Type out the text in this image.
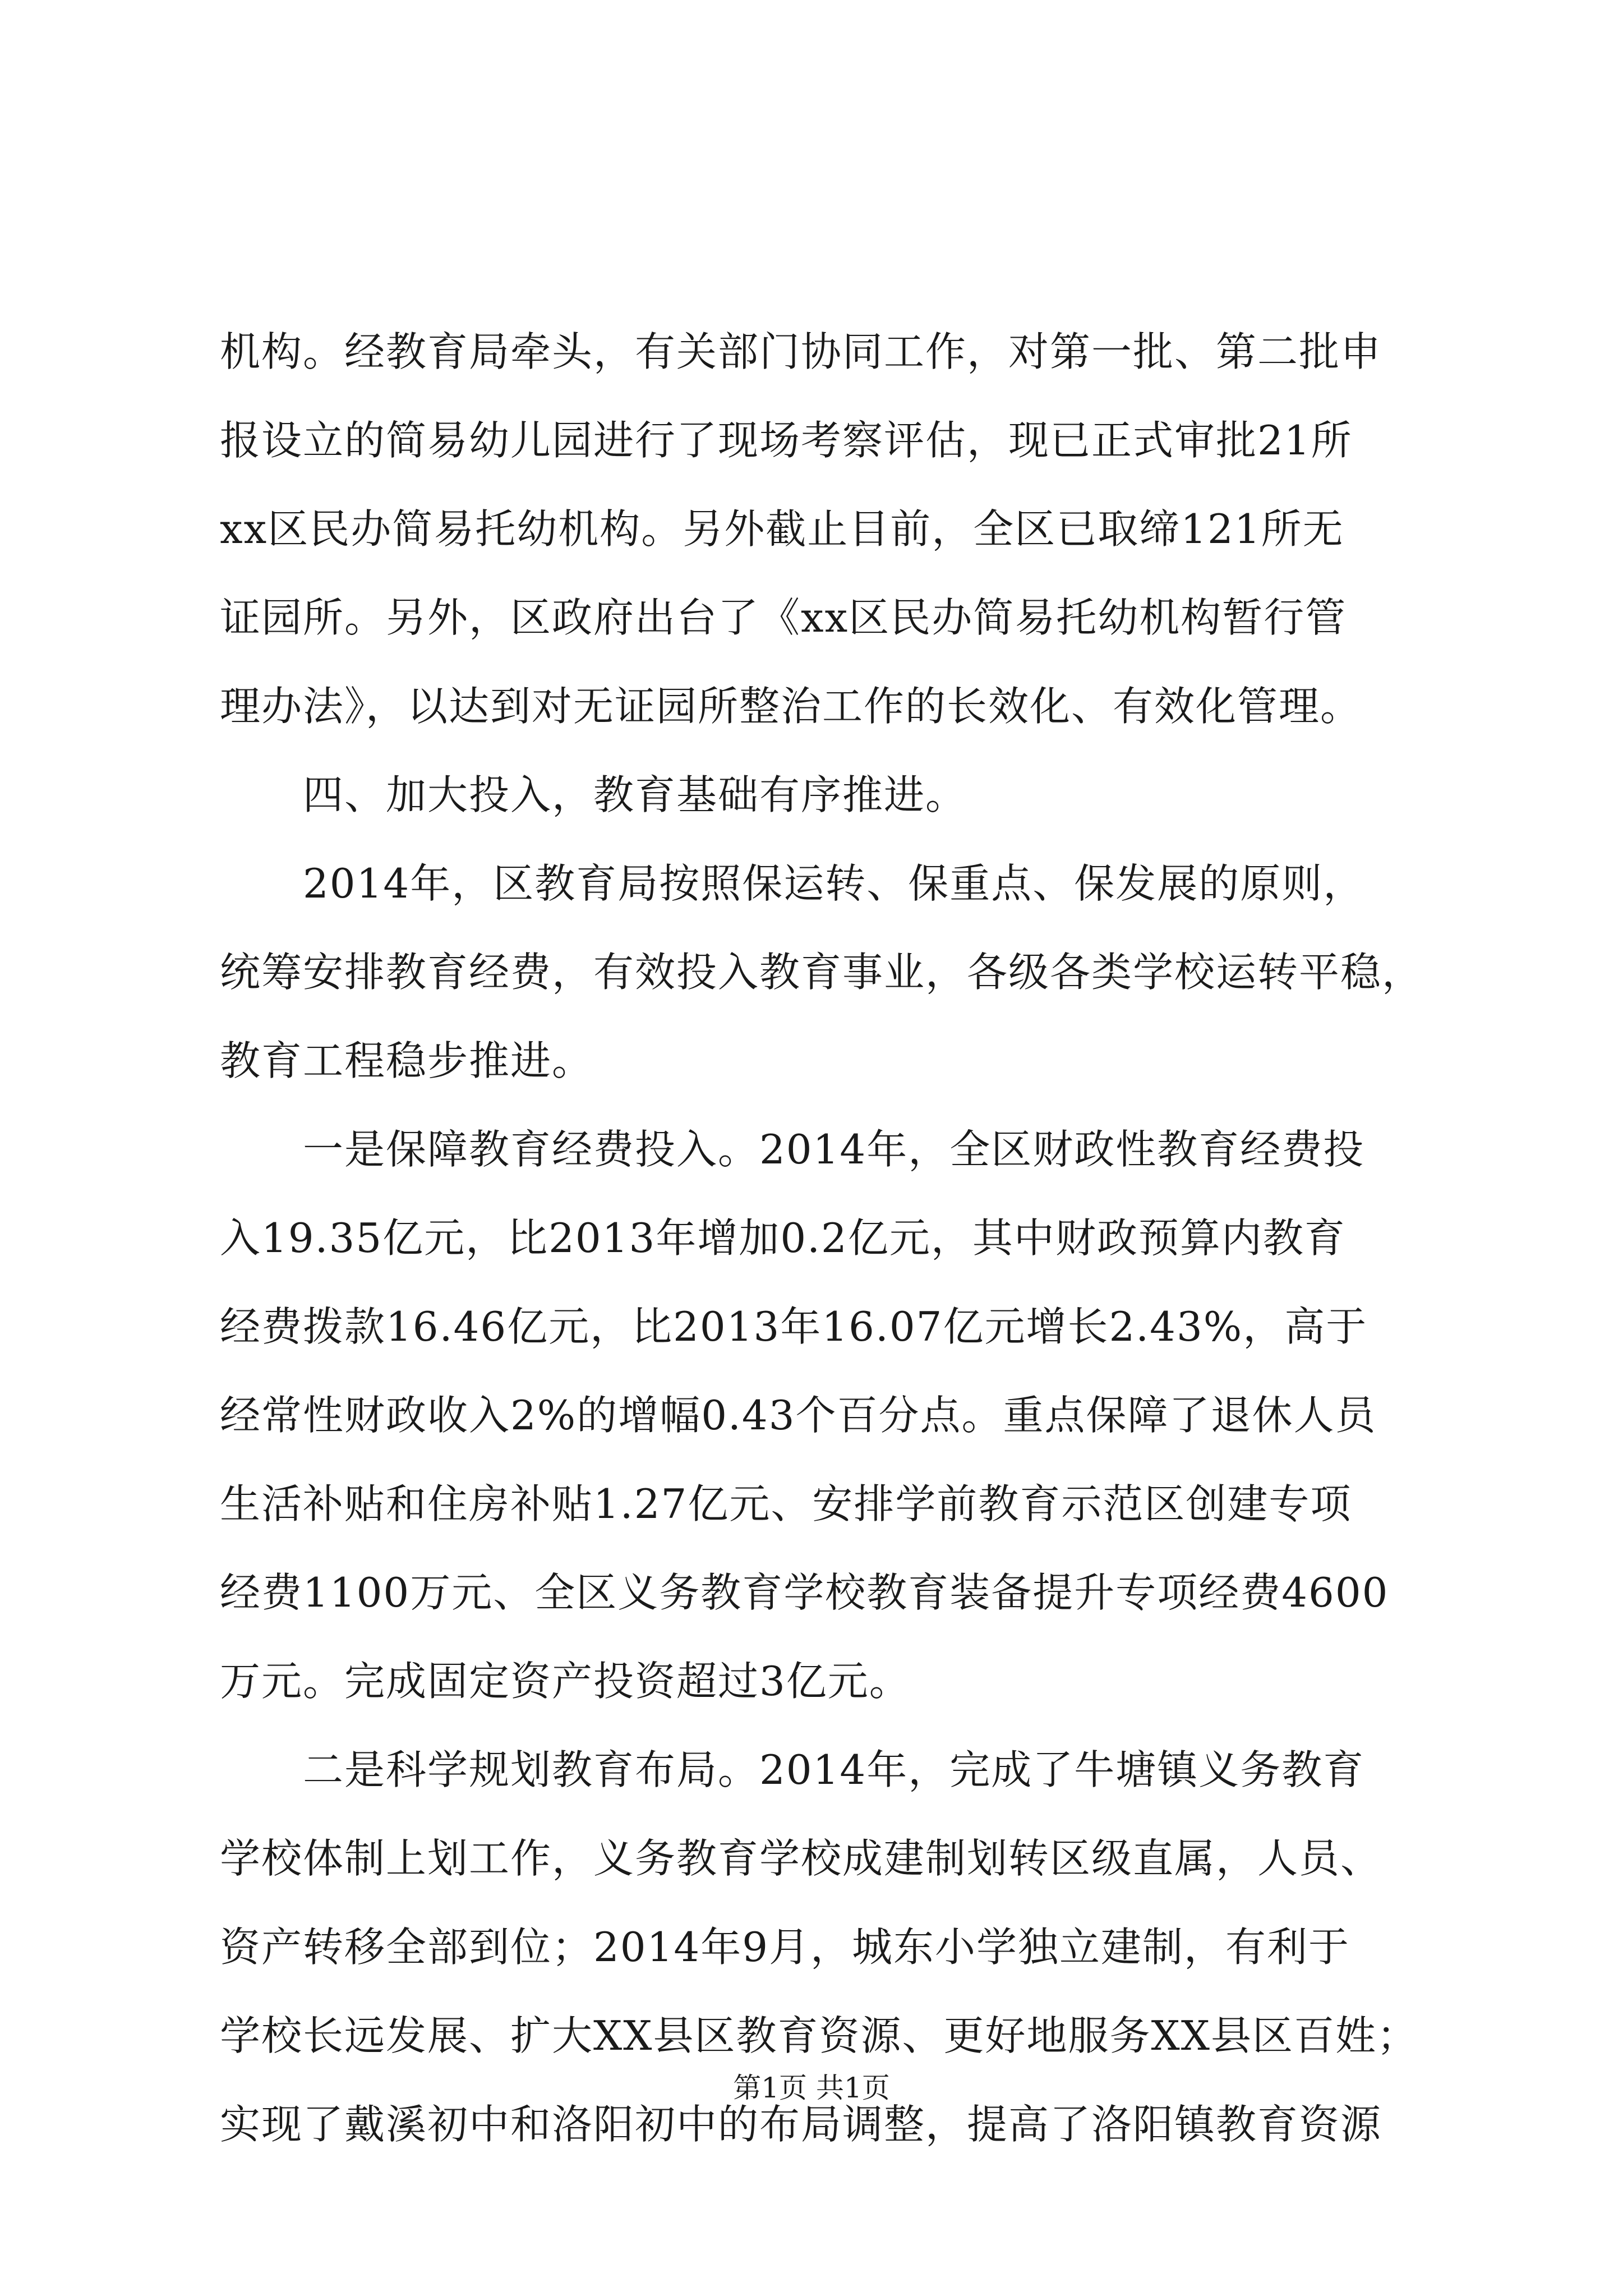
机构。经教育局牵头，有关部门协同工作，对第一批、第二批申
报设立的简易幼儿园进行了现场考察评估，现已正式审批21所
xx区民办简易托幼机构。另外截止目前，全区已取缔121所无
证园所。另外，区政府出台了《xx区民办简易托幼机构暂行管
理办法》，以达到对无证园所整治工作的长效化、有效化管理。
四、加大投入，教育基础有序推进。
2014年，区教育局按照保运转、保重点、保发展的原则，
统筹安排教育经费，有效投入教育事业，各级各类学校运转平稳，
教育工程稳步推进。
一是保障教育经费投入。2014年，全区财政性教育经费投
入19.35亿元，比2013年增加0.2亿元，其中财政预算内教育
经费拨款16.46亿元，比2013年16.07亿元增长2.43%，高于
经常性财政收入2%的增幅0.43个百分点。重点保障了退休人员
生活补贴和住房补贴1.27亿元、安排学前教育示范区创建专项
经费1100万元、全区义务教育学校教育装备提升专项经费4600
万元。完成固定资产投资超过3亿元。
二是科学规划教育布局。2014年，完成了牛塘镇义务教育
学校体制上划工作，义务教育学校成建制划转区级直属，人员、
资产转移全部到位；2014年9月，城东小学独立建制，有利于
学校长远发展、扩大XX县区教育资源、更好地服务XX县区百姓；
实现了戴溪初中和洛阳初中的布局调整，提高了洛阳镇教育资源
第1页 共1页
